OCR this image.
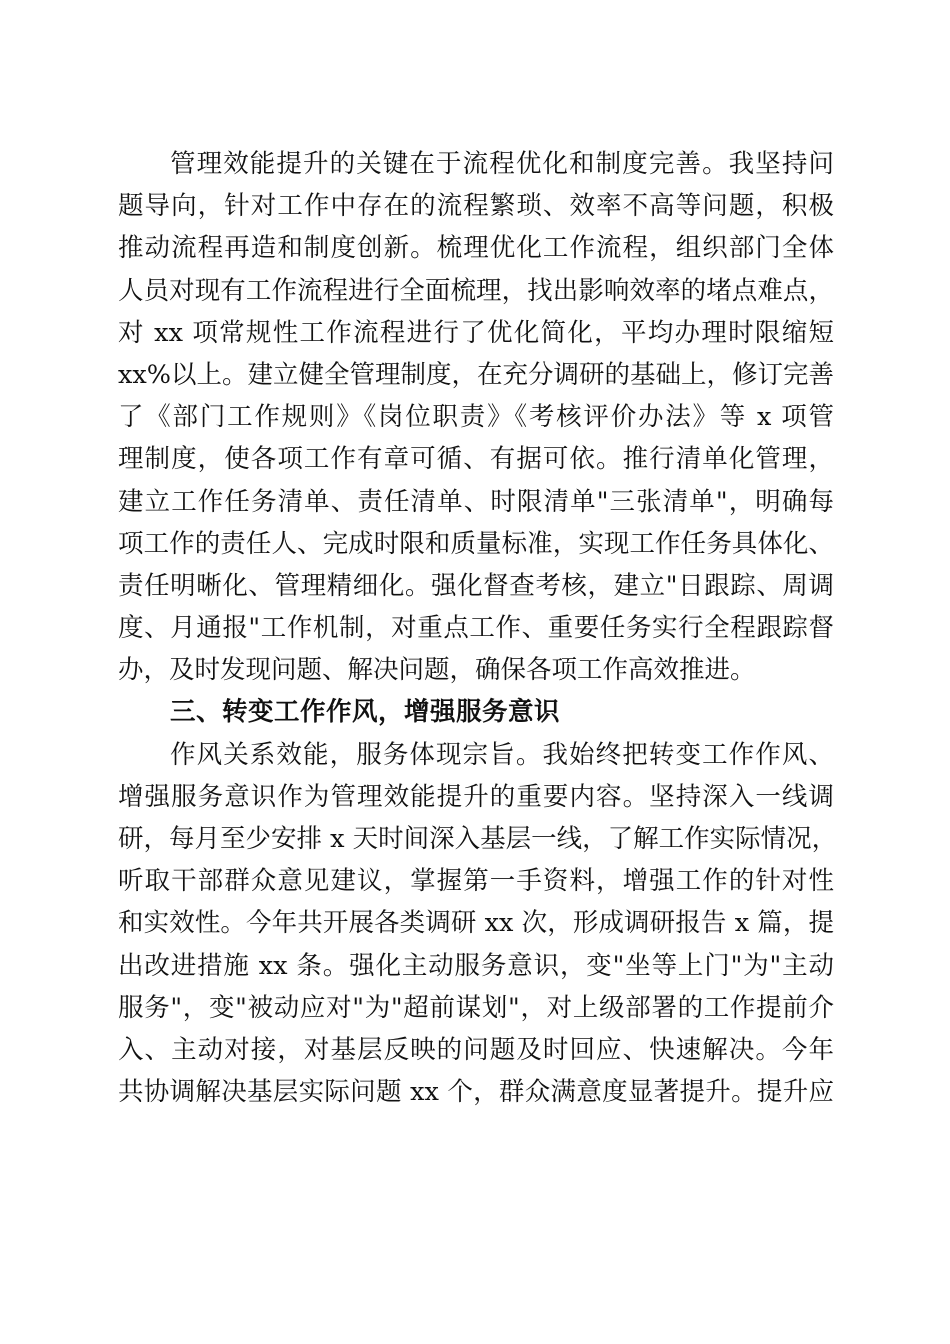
管理效能提升的关键在于流程优化和制度完善。我坚持问
题导向，针对工作中存在的流程繁琐、效率不高等问题，积极
推动流程再造和制度创新。梳理优化工作流程，组织部门全体
人员对现有工作流程进行全面梳理，找出影响效率的堵点难点，
对 xx 项常规性工作流程进行了优化简化，平均办理时限缩短
xx%以上。建立健全管理制度，在充分调研的基础上，修订完善
了《部门工作规则》《岗位职责》《考核评价办法》等 x 项管
理制度，使各项工作有章可循、有据可依。推行清单化管理，
建立工作任务清单、责任清单、时限清单"三张清单"，明确每
项工作的责任人、完成时限和质量标准，实现工作任务具体化、
责任明晰化、管理精细化。强化督查考核，建立"日跟踪、周调
度、月通报"工作机制，对重点工作、重要任务实行全程跟踪督
办，及时发现问题、解决问题，确保各项工作高效推进。
三、转变工作作风，增强服务意识
作风关系效能，服务体现宗旨。我始终把转变工作作风、
增强服务意识作为管理效能提升的重要内容。坚持深入一线调
研，每月至少安排 x 天时间深入基层一线，了解工作实际情况，
听取干部群众意见建议，掌握第一手资料，增强工作的针对性
和实效性。今年共开展各类调研 xx 次，形成调研报告 x 篇，提
出改进措施 xx 条。强化主动服务意识，变"坐等上门"为"主动
服务"，变"被动应对"为"超前谋划"，对上级部署的工作提前介
入、主动对接，对基层反映的问题及时回应、快速解决。今年
共协调解决基层实际问题 xx 个，群众满意度显著提升。提升应
